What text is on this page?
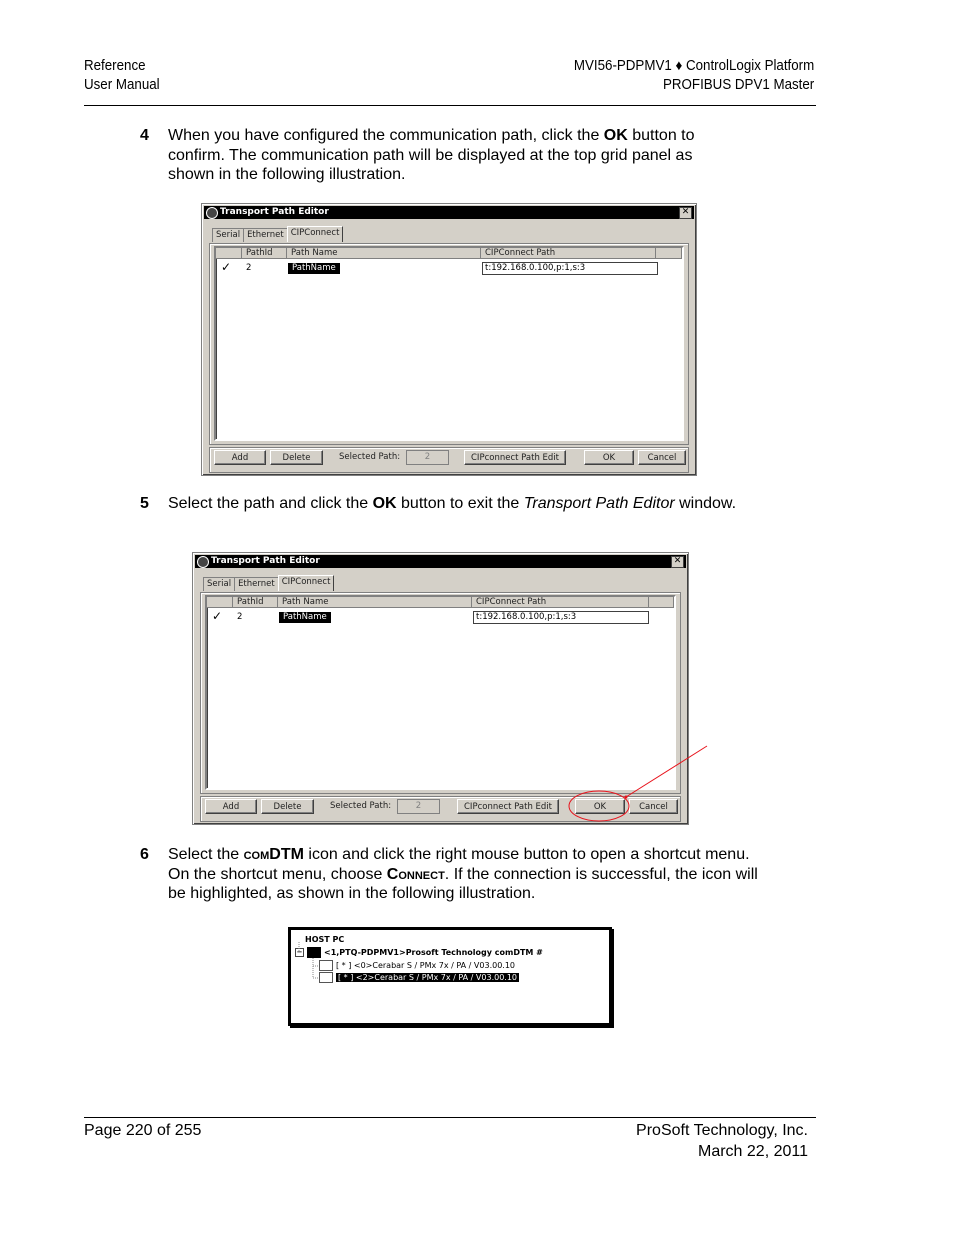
Reference
User Manual
MVI56-PDPMV1 ♦ ControlLogix Platform
PROFIBUS DPV1 Master
4 When you have configured the communication path, click the OK button to confirm. The communication path will be displayed at the top grid panel as shown in the following illustration.
Transport Path Editor	✕
Serial Ethernet CIPConnect
PathId	Path Name	CIPConnect Path
✓ 2	PathName	t:192.168.0.100,p:1,s:3
Add	Delete	Selected Path:	2	CIPconnect Path Edit	OK	Cancel
5 Select the path and click the OK button to exit the Transport Path Editor window.
Transport Path Editor	✕
Serial Ethernet CIPConnect
PathId	Path Name	CIPConnect Path
✓ 2	PathName	t:192.168.0.100,p:1,s:3
Add	Delete	Selected Path:	2	CIPconnect Path Edit	OK	Cancel
6 Select the comDTM icon and click the right mouse button to open a shortcut menu. On the shortcut menu, choose Connect. If the connection is successful, the icon will be highlighted, as shown in the following illustration.
HOST PC
−	<1,PTQ-PDPMV1>Prosoft Technology comDTM #
[ * ] <0>Cerabar S / PMx 7x / PA / V03.00.10
[ * ] <2>Cerabar S / PMx 7x / PA / V03.00.10
Page 220 of 255	ProSoft Technology, Inc.
March 22, 2011
